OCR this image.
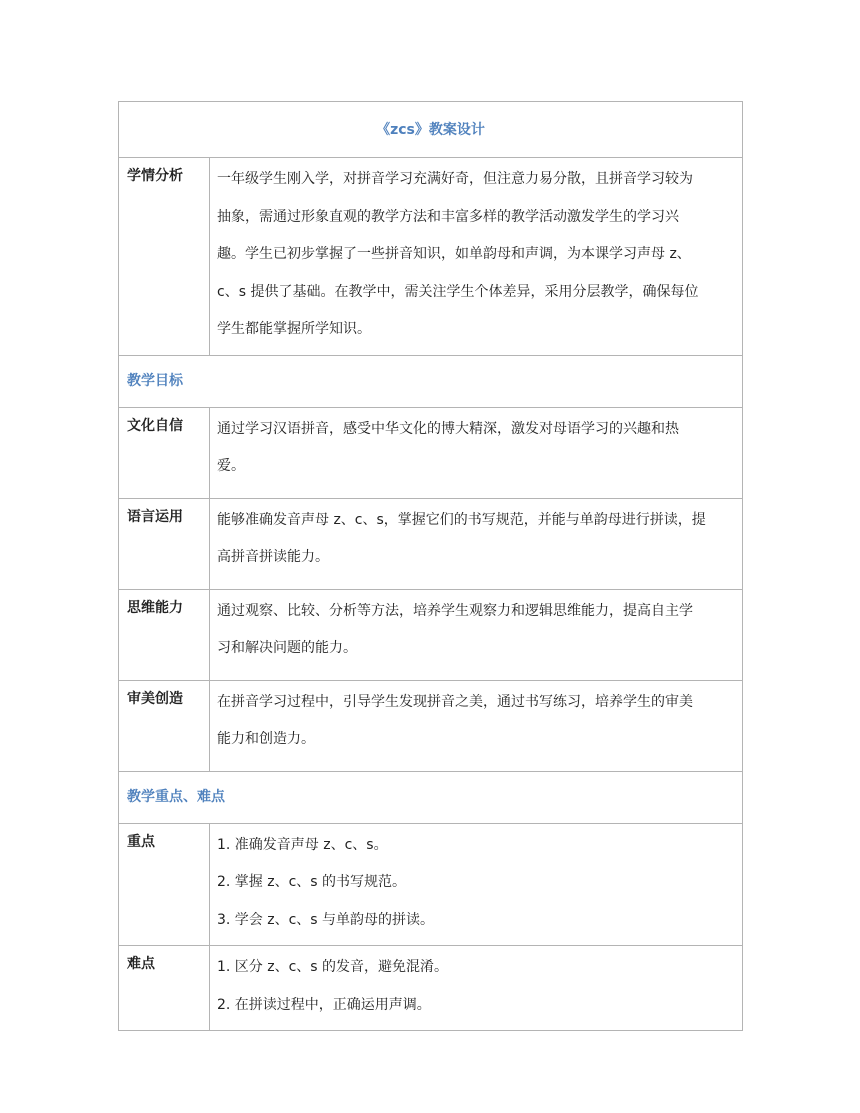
《zcs》教案设计	
学情分析	一年级学生刚入学，对拼音学习充满好奇，但注意力易分散，且拼音学习较为
抽象，需通过形象直观的教学方法和丰富多样的教学活动激发学生的学习兴
趣。学生已初步掌握了一些拼音知识，如单韵母和声调，为本课学习声母 z、
c、s 提供了基础。在教学中，需关注学生个体差异，采用分层教学，确保每位
学生都能掌握所学知识。

教学目标	
文化自信	通过学习汉语拼音，感受中华文化的博大精深，激发对母语学习的兴趣和热
爱。

语言运用	能够准确发音声母 z、c、s，掌握它们的书写规范，并能与单韵母进行拼读，提
高拼音拼读能力。

思维能力	通过观察、比较、分析等方法，培养学生观察力和逻辑思维能力，提高自主学
习和解决问题的能力。

审美创造	在拼音学习过程中，引导学生发现拼音之美，通过书写练习，培养学生的审美
能力和创造力。

教学重点、难点	
重点	1. 准确发音声母 z、c、s。
2. 掌握 z、c、s 的书写规范。
3. 学会 z、c、s 与单韵母的拼读。

难点	1. 区分 z、c、s 的发音，避免混淆。
2. 在拼读过程中，正确运用声调。
